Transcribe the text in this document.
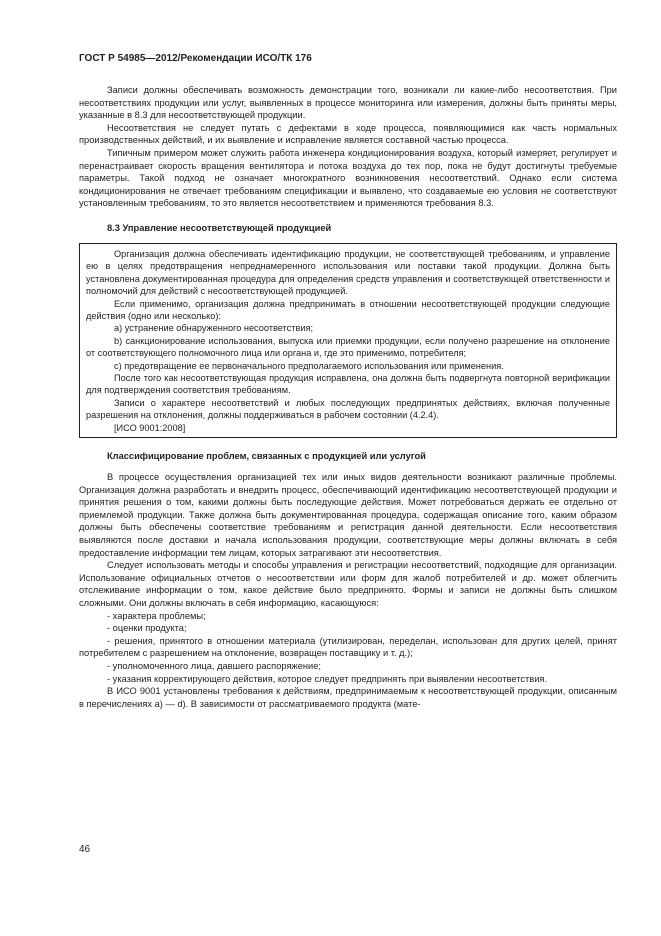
ГОСТ Р 54985—2012/Рекомендации ИСО/ТК 176

Записи должны обеспечивать возможность демонстрации того, возникали ли какие-либо несоответствия. При несоответствиях продукции или услуг, выявленных в процессе мониторинга или измерения, должны быть приняты меры, указанные в 8.3 для несоответствующей продукции.

Несоответствия не следует путать с дефектами в ходе процесса, появляющимися как часть нормальных производственных действий, и их выявление и исправление является составной частью процесса.

Типичным примером может служить работа инженера кондиционирования воздуха, который измеряет, регулирует и перенастраивает скорость вращения вентилятора и потока воздуха до тех пор, пока не будут достигнуты требуемые параметры. Такой подход не означает многократного возникновения несоответствий. Однако если система кондиционирования не отвечает требованиям спецификации и выявлено, что создаваемые ею условия не соответствуют установленным требованиям, то это является несоответствием и применяются требования 8.3.

8.3 Управление несоответствующей продукцией

Организация должна обеспечивать идентификацию продукции, не соответствующей требованиям, и управление ею в целях предотвращения непреднамеренного использования или поставки такой продукции. Должна быть установлена документированная процедура для определения средств управления и соответствующей ответственности и полномочий для действий с несоответствующей продукцией.

Если применимо, организация должна предпринимать в отношении несоответствующей продукции следующие действия (одно или несколько):

a) устранение обнаруженного несоответствия;

b) санкционирование использования, выпуска или приемки продукции, если получено разрешение на отклонение от соответствующего полномочного лица или органа и, где это применимо, потребителя;

c) предотвращение ее первоначального предполагаемого использования или применения.

После того как несоответствующая продукция исправлена, она должна быть подвергнута повторной верификации для подтверждения соответствия требованиям.

Записи о характере несоответствий и любых последующих предпринятых действиях, включая полученные разрешения на отклонения, должны поддерживаться в рабочем состоянии (4.2.4).

[ИСО 9001:2008]

Классифицирование проблем, связанных с продукцией или услугой

В процессе осуществления организацией тех или иных видов деятельности возникают различные проблемы. Организация должна разработать и внедрить процесс, обеспечивающий идентификацию несоответствующей продукции и принятия решения о том, какими должны быть последующие действия. Может потребоваться держать ее отдельно от приемлемой продукции. Также должна быть документированная процедура, содержащая описание того, каким образом должны быть обеспечены соответствие требованиям и регистрация данной деятельности. Если несоответствия выявляются после доставки и начала использования продукции, соответствующие меры должны включать в себя предоставление информации тем лицам, которых затрагивают эти несоответствия.

Следует использовать методы и способы управления и регистрации несоответствий, подходящие для организации. Использование официальных отчетов о несоответствии или форм для жалоб потребителей и др. может облегчить отслеживание информации о том, какое действие было предпринято. Формы и записи не должны быть слишком сложными. Они должны включать в себя информацию, касающуюся:

- характера проблемы;

- оценки продукта;

- решения, принятого в отношении материала (утилизирован, переделан, использован для других целей, принят потребителем с разрешением на отклонение, возвращен поставщику и т. д.);

- уполномоченного лица, давшего распоряжение;

- указания корректирующего действия, которое следует предпринять при выявлении несоответствия.

В ИСО 9001 установлены требования к действиям, предпринимаемым к несоответствующей продукции, описанным в перечислениях a) — d). В зависимости от рассматриваемого продукта (мате-

46
